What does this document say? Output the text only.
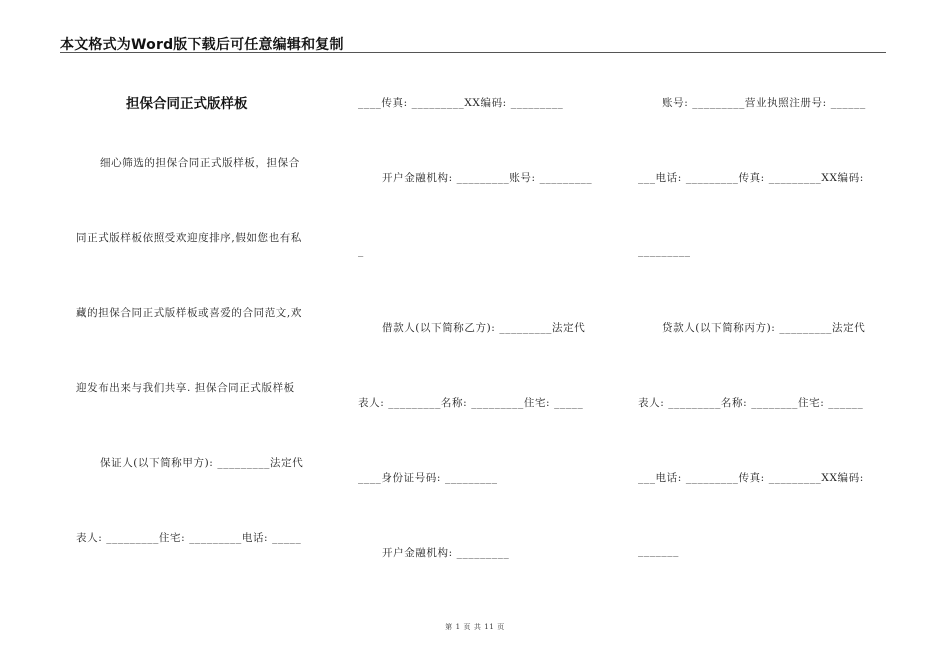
本文格式为Word版下载后可任意编辑和复制
担保合同正式版样板
细心筛选的担保合同正式版样板，担保合
同正式版样板依照受欢迎度排序,假如您也有私
藏的担保合同正式版样板或喜爱的合同范文,欢
迎发布出来与我们共享. 担保合同正式版样板
保证人(以下简称甲方): _________法定代
表人: _________住宅: _________电话: _____
____传真: _________XX编码: _________
开户金融机构: _________账号: _________
_
借款人(以下简称乙方): _________法定代
表人: _________名称: _________住宅: _____
____身份证号码: _________
开户金融机构: _________
账号: _________营业执照注册号: ______
___电话: _________传真: _________XX编码:
_________
贷款人(以下简称丙方): _________法定代
表人: _________名称: ________住宅: ______
___电话: _________传真: _________XX编码:
_______
第 1 页 共 11 页
